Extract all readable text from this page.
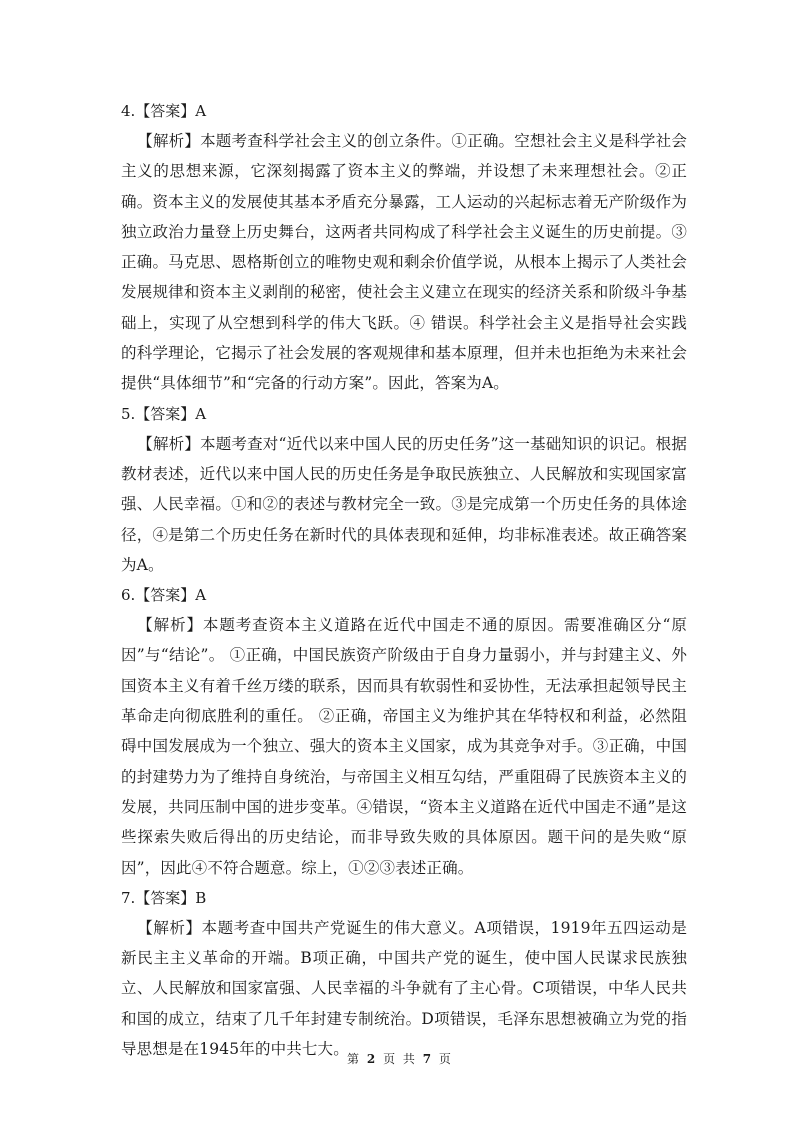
4.【答案】A

【解析】本题考查科学社会主义的创立条件。①正确。空想社会主义是科学社会主义的思想来源，它深刻揭露了资本主义的弊端，并设想了未来理想社会。②正确。资本主义的发展使其基本矛盾充分暴露，工人运动的兴起标志着无产阶级作为独立政治力量登上历史舞台，这两者共同构成了科学社会主义诞生的历史前提。③ 正确。马克思、恩格斯创立的唯物史观和剩余价值学说，从根本上揭示了人类社会发展规律和资本主义剥削的秘密，使社会主义建立在现实的经济关系和阶级斗争基础上，实现了从空想到科学的伟大飞跃。④ 错误。科学社会主义是指导社会实践的科学理论，它揭示了社会发展的客观规律和基本原理，但并未也拒绝为未来社会提供“具体细节”和“完备的行动方案”。因此，答案为A。

5.【答案】A

【解析】本题考查对“近代以来中国人民的历史任务”这一基础知识的识记。根据教材表述，近代以来中国人民的历史任务是争取民族独立、人民解放和实现国家富强、人民幸福。①和②的表述与教材完全一致。③是完成第一个历史任务的具体途径，④是第二个历史任务在新时代的具体表现和延伸，均非标准表述。故正确答案为A。

6.【答案】A

【解析】本题考查资本主义道路在近代中国走不通的原因。需要准确区分“原因”与“结论”。 ①正确，中国民族资产阶级由于自身力量弱小，并与封建主义、外国资本主义有着千丝万缕的联系，因而具有软弱性和妥协性，无法承担起领导民主革命走向彻底胜利的重任。 ②正确，帝国主义为维护其在华特权和利益，必然阻碍中国发展成为一个独立、强大的资本主义国家，成为其竞争对手。③正确，中国的封建势力为了维持自身统治，与帝国主义相互勾结，严重阻碍了民族资本主义的发展，共同压制中国的进步变革。④错误，“资本主义道路在近代中国走不通”是这些探索失败后得出的历史结论，而非导致失败的具体原因。题干问的是失败“原因”，因此④不符合题意。综上，①②③表述正确。

7.【答案】B

【解析】本题考查中国共产党诞生的伟大意义。A项错误，1919年五四运动是新民主主义革命的开端。B项正确，中国共产党的诞生，使中国人民谋求民族独立、人民解放和国家富强、人民幸福的斗争就有了主心骨。C项错误，中华人民共和国的成立，结束了几千年封建专制统治。D项错误，毛泽东思想被确立为党的指导思想是在1945年的中共七大。

第 2 页 共 7 页
